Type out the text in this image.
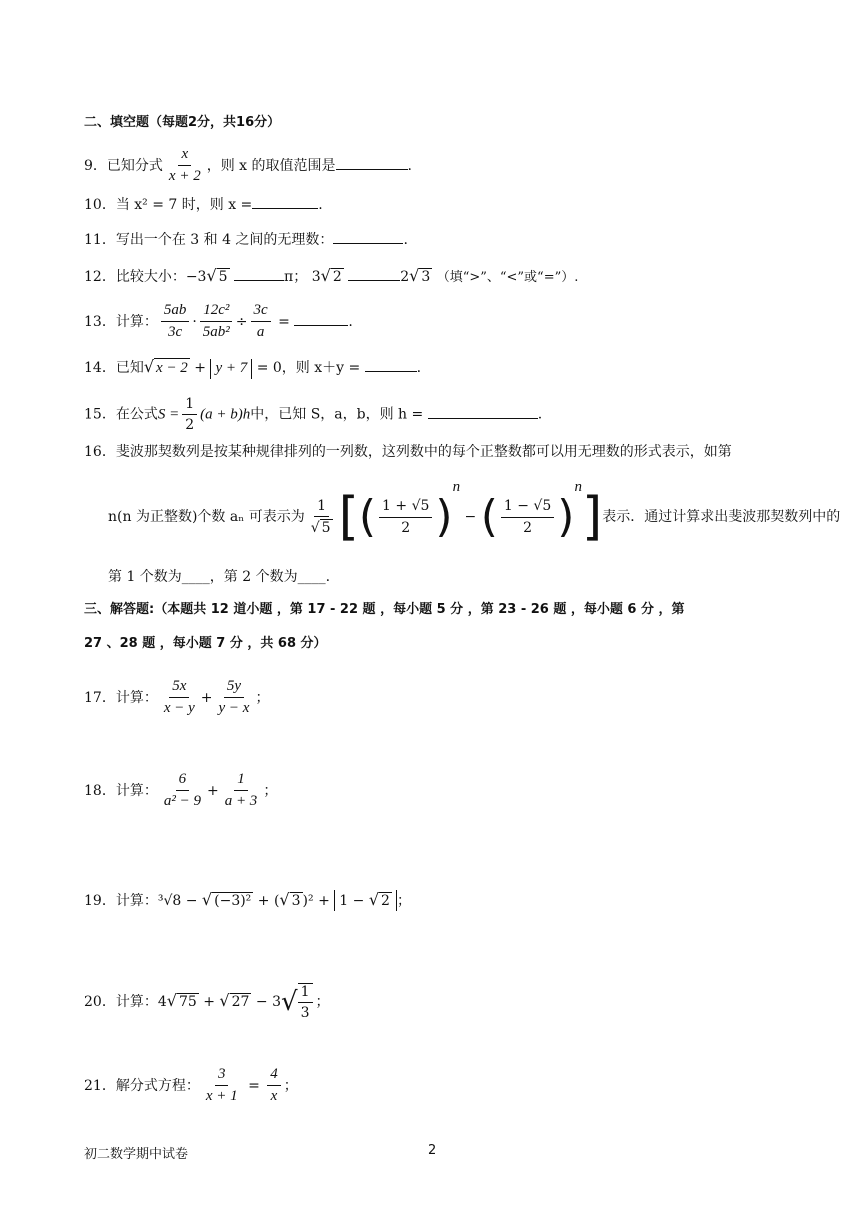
二、填空题（每题2分，共16分）
9．已知分式 $\frac{x}{x + 2}$ ，则 x 的取值范围是	.
10．当 x² = 7 时，则 x =	.
11．写出一个在 3 和 4 之间的无理数：	.
12．比较大小：−3√ 5	π； 3√ 2	2√ 3 （填“>”、“<”或“=”）.
13．计算： $\frac{5ab}{3c} \cdot \frac{\text{12c²}}{\text{5ab²}} \div \frac{3c}{a}$ =	.
14．已知√ x − 2 + y + 7 = 0，则 x＋y =	.
15．在公式$S = \frac{1}{2} (a + b)h$中，已知 S，a，b，则 h =	.
16．斐波那契数列是按某种规律排列的一列数，这列数中的每个正整数都可以用无理数的形式表示，如第
n(n 为正整数)个数 aₙ 可表示为 $\frac{1}{√ 5}$ [( $\frac{1 + √5}{2} )^n$ − ( $\frac{1 - √5}{2} )^n$]表示．通过计算求出斐波那契数列中的
第 1 个数为____，第 2 个数为____.
三、解答题:（本题共 12 道小题 ，第 17 - 22 题 ，每小题 5 分 ，第 23 - 26 题 ，每小题 6 分 ，第
27 、28 题 ，每小题 7 分 ，共 68 分）
17．计算： $\frac{5x}{x - y} + \frac{5y}{y - x}$ ；
18．计算： $\frac{6}{\text{a² − 9}} + \frac{1}{a + 3}$ ；
19．计算：³√8 − √ (−3)² + (√ 3 )² + 1 − √ 2 ；
20．计算：4√ 75 + √ $27 - 3√ \frac{1}{3}$ ；
21．解分式方程： $\frac{3}{x + 1} = \frac{4}{x}$ ；
初二数学期中试卷	2
